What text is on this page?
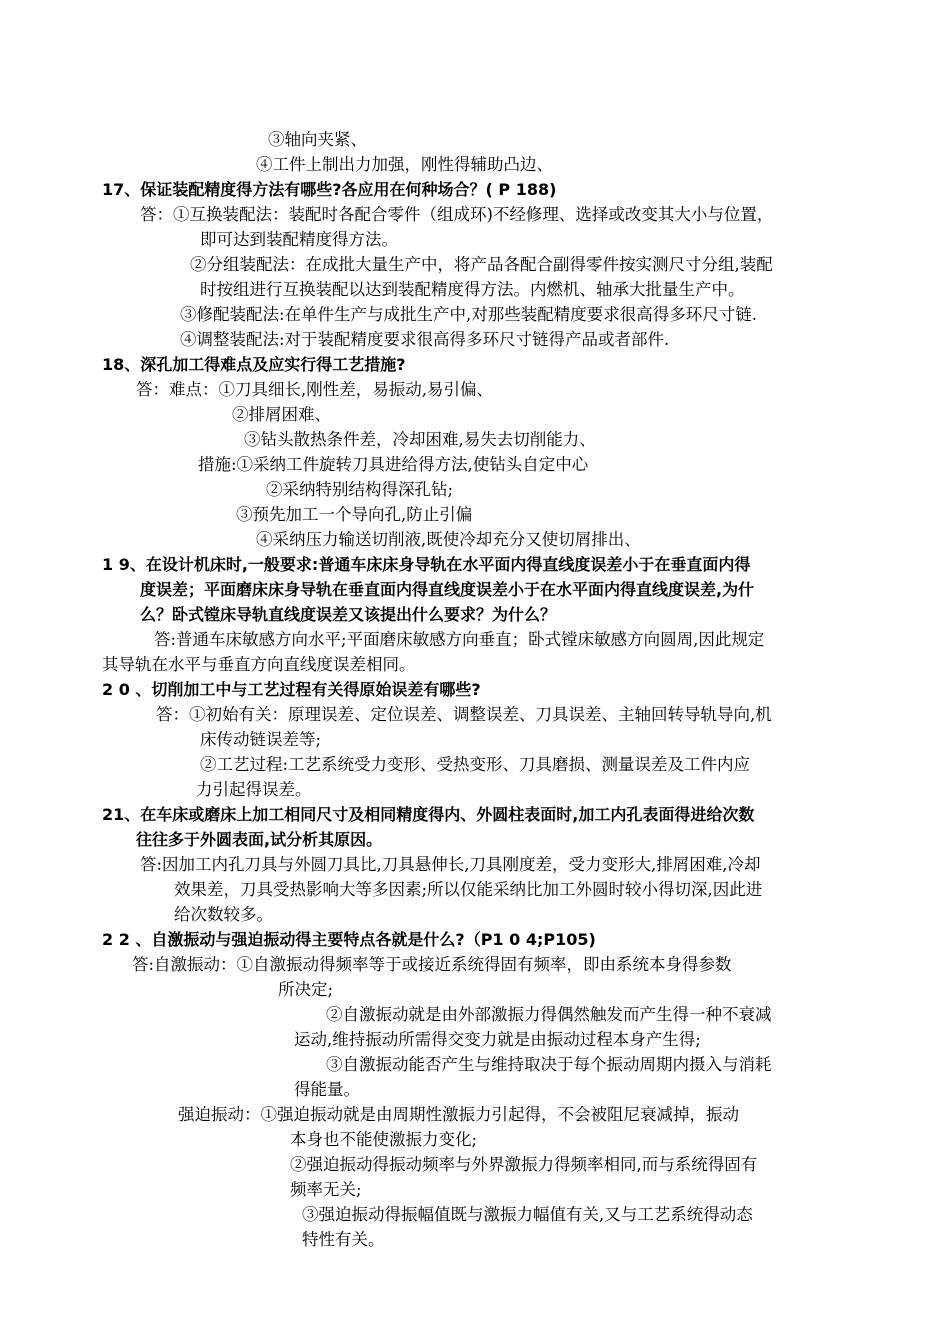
③轴向夹紧、
④工件上制出力加强，刚性得辅助凸边、
17、保证装配精度得方法有哪些?各应用在何种场合？( P 188)
答：①互换装配法：装配时各配合零件（组成环)不经修理、选择或改变其大小与位置，
即可达到装配精度得方法。
②分组装配法：在成批大量生产中，将产品各配合副得零件按实测尺寸分组,装配
时按组进行互换装配以达到装配精度得方法。内燃机、轴承大批量生产中。
③修配装配法:在单件生产与成批生产中,对那些装配精度要求很高得多环尺寸链.
④调整装配法:对于装配精度要求很高得多环尺寸链得产品或者部件.
18、深孔加工得难点及应实行得工艺措施?
答：难点：①刀具细长,刚性差，易振动,易引偏、
②排屑困难、
③钻头散热条件差，冷却困难,易失去切削能力、
措施:①采纳工件旋转刀具进给得方法,使钻头自定中心
②采纳特别结构得深孔钻;
③预先加工一个导向孔,防止引偏
④采纳压力输送切削液,既使冷却充分又使切屑排出、
1 9、在设计机床时,一般要求:普通车床床身导轨在水平面内得直线度误差小于在垂直面内得
度误差；平面磨床床身导轨在垂直面内得直线度误差小于在水平面内得直线度误差,为什
么？卧式镗床导轨直线度误差又该提出什么要求？为什么？
答:普通车床敏感方向水平;平面磨床敏感方向垂直；卧式镗床敏感方向圆周,因此规定
其导轨在水平与垂直方向直线度误差相同。
2 0 、切削加工中与工艺过程有关得原始误差有哪些?
答：①初始有关：原理误差、定位误差、调整误差、刀具误差、主轴回转导轨导向,机
床传动链误差等;
②工艺过程:工艺系统受力变形、受热变形、刀具磨损、测量误差及工件内应
力引起得误差。
21、在车床或磨床上加工相同尺寸及相同精度得内、外圆柱表面时,加工内孔表面得进给次数
往往多于外圆表面,试分析其原因。
答:因加工内孔刀具与外圆刀具比,刀具悬伸长,刀具刚度差，受力变形大,排屑困难,冷却
效果差，刀具受热影响大等多因素;所以仅能采纳比加工外圆时较小得切深,因此进
给次数较多。
2 2 、自激振动与强迫振动得主要特点各就是什么?（P1 0 4;P105)
答:自激振动：①自激振动得频率等于或接近系统得固有频率，即由系统本身得参数
所决定;
②自激振动就是由外部激振力得偶然触发而产生得一种不衰减
运动,维持振动所需得交变力就是由振动过程本身产生得;
③自激振动能否产生与维持取决于每个振动周期内摄入与消耗
得能量。
强迫振动：①强迫振动就是由周期性激振力引起得，不会被阻尼衰减掉，振动
本身也不能使激振力变化;
②强迫振动得振动频率与外界激振力得频率相同,而与系统得固有
频率无关;
③强迫振动得振幅值既与激振力幅值有关,又与工艺系统得动态
特性有关。
